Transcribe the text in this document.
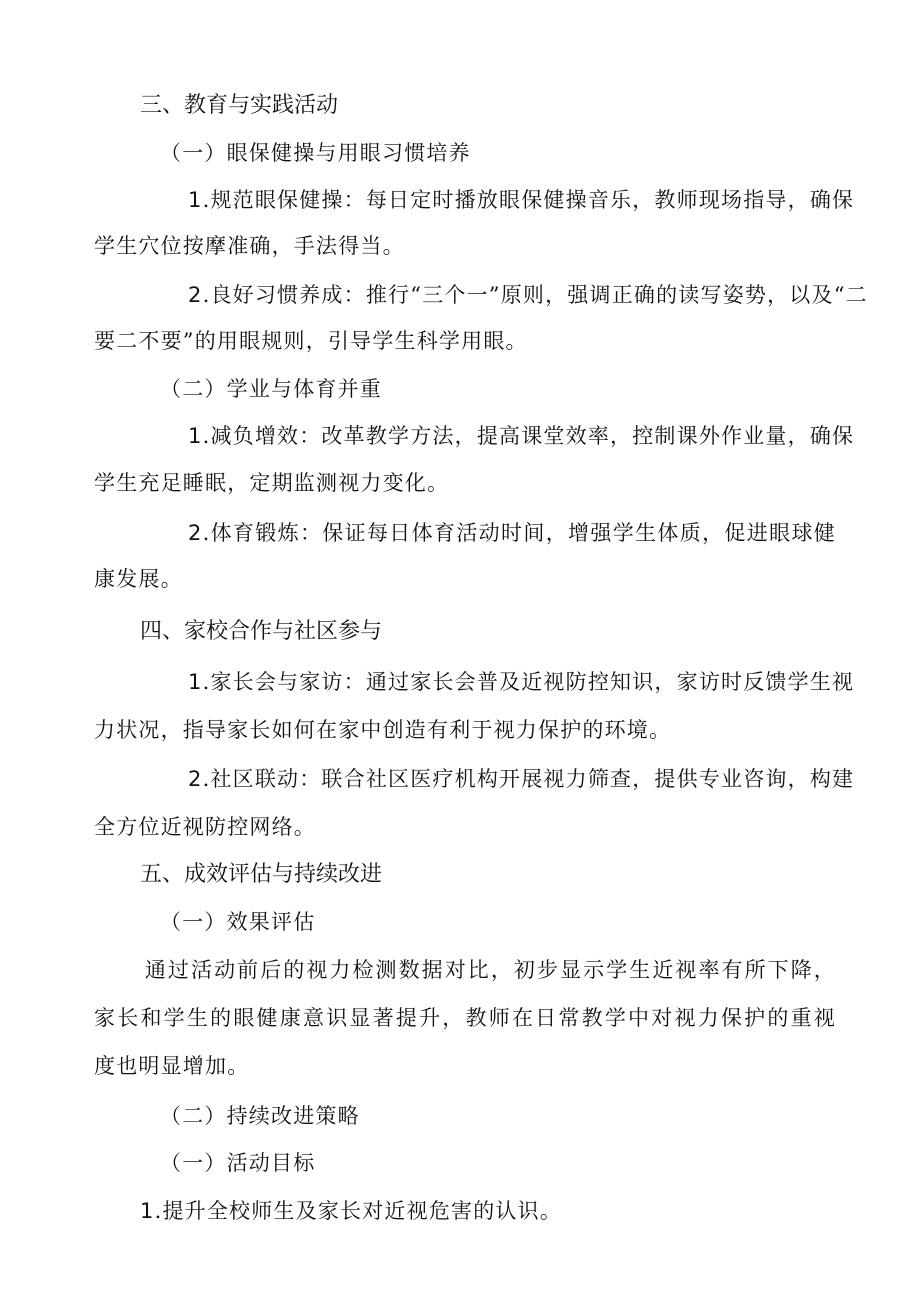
三、教育与实践活动
（一）眼保健操与用眼习惯培养
1.规范眼保健操：每日定时播放眼保健操音乐，教师现场指导，确保
学生穴位按摩准确，手法得当。
2.良好习惯养成：推行“三个一”原则，强调正确的读写姿势，以及“二
要二不要”的用眼规则，引导学生科学用眼。
（二）学业与体育并重
1.减负增效：改革教学方法，提高课堂效率，控制课外作业量，确保
学生充足睡眠，定期监测视力变化。
2.体育锻炼：保证每日体育活动时间，增强学生体质，促进眼球健
康发展。
四、家校合作与社区参与
1.家长会与家访：通过家长会普及近视防控知识，家访时反馈学生视
力状况，指导家长如何在家中创造有利于视力保护的环境。
2.社区联动：联合社区医疗机构开展视力筛查，提供专业咨询，构建
全方位近视防控网络。
五、成效评估与持续改进
（一）效果评估
通过活动前后的视力检测数据对比，初步显示学生近视率有所下降，
家长和学生的眼健康意识显著提升，教师在日常教学中对视力保护的重视
度也明显增加。
（二）持续改进策略
（一）活动目标
1.提升全校师生及家长对近视危害的认识。
